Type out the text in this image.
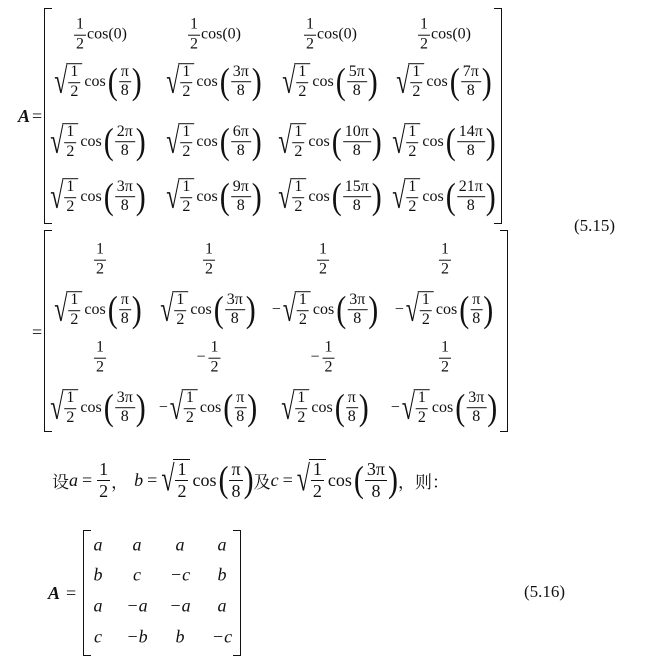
A =
$\frac{1}{2} \cos(0)$	$\frac{1}{2} \cos(0)$	$\frac{1}{2} \cos(0)$	$\frac{1}{2} \cos(0)$
√ $\frac{1}{2}$ cos ( $\frac{\pi}{8}$ ) √ $\frac{1}{2}$ cos ( $\frac{3\pi}{8}$ ) √ $\frac{1}{2}$ cos ( $\frac{5\pi}{8}$ ) √ $\frac{1}{2}$ cos ( $\frac{7\pi}{8}$ )
√ $\frac{1}{2}$ cos ( $\frac{2\pi}{8}$ ) √ $\frac{1}{2}$ cos ( $\frac{6\pi}{8}$ ) √ $\frac{1}{2}$ cos ( $\frac{10\pi}{8}$ ) √ $\frac{1}{2}$ cos ( $\frac{14\pi}{8}$ )
√ $\frac{1}{2}$ cos ( $\frac{3\pi}{8}$ ) √ $\frac{1}{2}$ cos ( $\frac{9\pi}{8}$ ) √ $\frac{1}{2}$ cos ( $\frac{15\pi}{8}$ ) √ $\frac{1}{2}$ cos ( $\frac{21\pi}{8}$ )
(5.15)
=
$\frac{1}{2}$	$\frac{1}{2}$	$\frac{1}{2}$	$\frac{1}{2}$
√ $\frac{1}{2}$ cos ( $\frac{\pi}{8}$ ) √ $\frac{1}{2}$ cos ( $\frac{3\pi}{8}$ ) − √ $\frac{1}{2}$ cos ( $\frac{3\pi}{8}$ ) − √ $\frac{1}{2}$ cos ( $\frac{\pi}{8}$ )
$\frac{1}{2}$	− $\frac{1}{2}$	− $\frac{1}{2}$	$\frac{1}{2}$
√ $\frac{1}{2}$ cos ( $\frac{3\pi}{8}$ ) − √ $\frac{1}{2}$ cos ( $\frac{\pi}{8}$ ) √ $\frac{1}{2}$ cos ( $\frac{\pi}{8}$ ) − √ $\frac{1}{2}$ cos ( $\frac{3\pi}{8}$ )
设 $a = \frac{1}{2}$ ， b = √ $\frac{1}{2}$ cos ( $\frac{\pi}{8}$ ) 及 c = √ $\frac{1}{2}$ cos ( $\frac{3\pi}{8}$ ) ，则：
A =
a a a a
b c −c b
a −a −a a
c −b b −c
(5.16)
